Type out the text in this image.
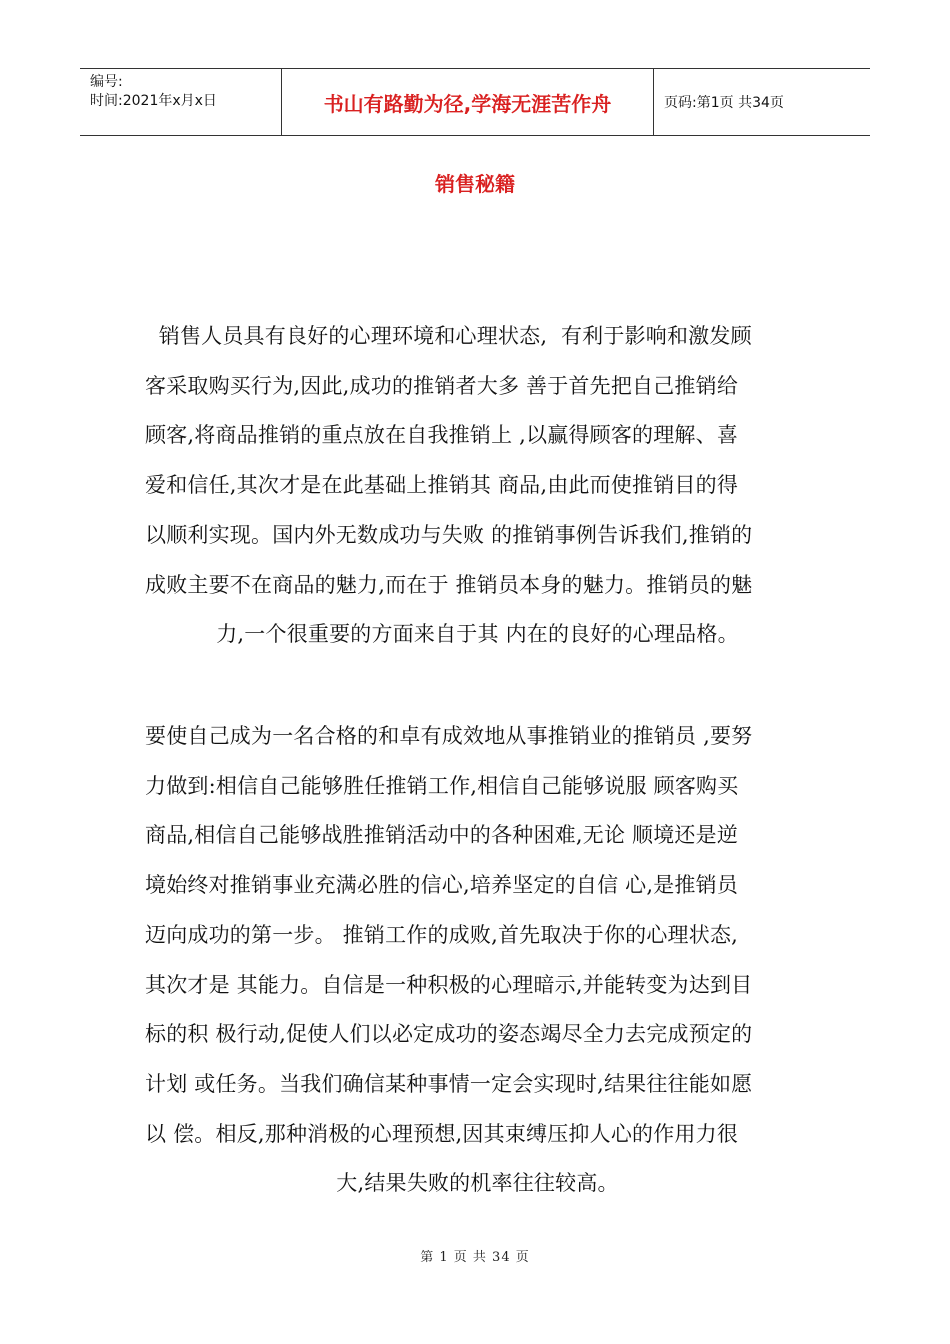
编号:
时间:2021年x月x日	书山有路勤为径,学海无涯苦作舟	页码:第1页 共34页
销售秘籍

销售人员具有良好的心理环境和心理状态,  有利于影响和激发顾
客采取购买行为,因此,成功的推销者大多 善于首先把自己推销给
顾客,将商品推销的重点放在自我推销上 ,以赢得顾客的理解、喜
爱和信任,其次才是在此基础上推销其 商品,由此而使推销目的得
以顺利实现。国内外无数成功与失败 的推销事例告诉我们,推销的
成败主要不在商品的魅力,而在于 推销员本身的魅力。推销员的魅
力,一个很重要的方面来自于其 内在的良好的心理品格。

要使自己成为一名合格的和卓有成效地从事推销业的推销员 ,要努
力做到:相信自己能够胜任推销工作,相信自己能够说服 顾客购买
商品,相信自己能够战胜推销活动中的各种困难,无论 顺境还是逆
境始终对推销事业充满必胜的信心,培养坚定的自信 心,是推销员
迈向成功的第一步。 推销工作的成败,首先取决于你的心理状态,
其次才是 其能力。自信是一种积极的心理暗示,并能转变为达到目
标的积 极行动,促使人们以必定成功的姿态竭尽全力去完成预定的
计划 或任务。当我们确信某种事情一定会实现时,结果往往能如愿
以 偿。相反,那种消极的心理预想,因其束缚压抑人心的作用力很
大,结果失败的机率往往较高。

第 1 页 共 34 页
